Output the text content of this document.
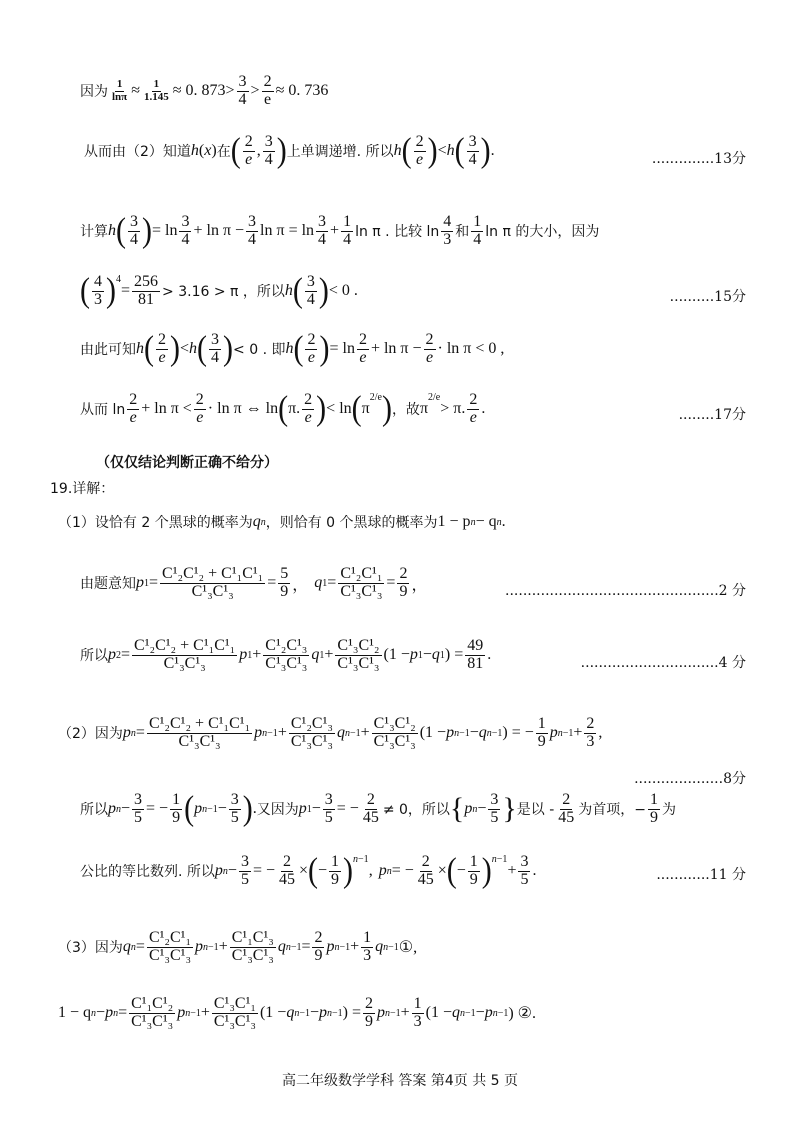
因为 $\frac{1}{\ln\pi} \approx \frac{1}{1.145} \approx 0$. $873> \frac{3}{4} > \frac{2}{e} \approx 0$. 736
从而由（2）知道 h ( x ) 在 ( $\frac{2}{e}$ , $\frac{3}{4}$ ) 上单调递增. 所以 h ( $\frac{2}{e}$ ) < h ( $\frac{3}{4}$ ) .	..............13分
计算 h ( $\frac{3}{4}$ ) = $\ln \frac{3}{4} + \ln \pi - \frac{3}{4}$ $\ln \pi = \ln \frac{3}{4} + \frac{1}{4}$ ln π . 比较 $\ln \frac{4}{3}$ 和 $\frac{1}{4}$ ln π 的大小，因为
( $\frac{4}{3} )^4$
= $\frac{256}{81} > 3.16 > \pi$ ，所以 h ( $\frac{3}{4}$ ) < 0 .	..........15分
由此可知 h ( $\frac{2}{e}$ ) < h ( $\frac{3}{4}$ ) < 0 . 即 h ( $\frac{2}{e}$ ) = $\ln \frac{2}{e} + \ln \pi - \frac{2}{e} \cdot \ln \pi < 0$ ,
从而 $\ln \frac{2}{e} + \ln \pi < \frac{2}{e} \cdot \ln \pi$ ⇔ ln ( π. $\frac{2}{e}$ ) < ln ( π
$^{2/e}$ ) ，故 π
$^{2/e}$
> π. $\frac{2}{e}$ .	........17分
（仅仅结论判断正确不给分）
19.详解：
（1）设恰有 2 个黑球的概率为 q n ，则恰有 0 个黑球的概率为 1 − p n − q n .
由题意知 p $1 = \frac{\text{C¹₂C¹₂ + C¹₁C¹₁}}{\text{C¹₃C¹₃}} = \frac{5}{9}$ ， q $1 = \frac{\text{C¹₂C¹₁}}{\text{C¹₃C¹₃}} = \frac{2}{9}$ ，	................................................2 分
所以 p $2 = \frac{\text{C¹₂C¹₂ + C¹₁C¹₁}}{\text{C¹₃C¹₃}}$ p $1 + \frac{\text{C¹₂C¹₃}}{\text{C¹₃C¹₃}}$ q $1 + \frac{\text{C¹₃C¹₂}}{\text{C¹₃C¹₃}} (1 - p$ 1 − q 1 ) = $\frac{49}{81}$ .	...............................4 分
（2）因为 p $n = \frac{\text{C¹₂C¹₂ + C¹₁C¹₁}}{\text{C¹₃C¹₃}}$ p $n-1 + \frac{\text{C¹₂C¹₃}}{\text{C¹₃C¹₃}}$ q $n-1 + \frac{\text{C¹₃C¹₂}}{\text{C¹₃C¹₃}} (1 - p$ n−1 − q n−1 ) = − $\frac{1}{9}$ p $n-1 + \frac{2}{3}$ ,
....................8分
所以 p $n - \frac{3}{5}$ = − $\frac{1}{9}$ ( p $n-1 - \frac{3}{5}$ ) . 又因为 p $1 - \frac{3}{5}$ = − $\frac{2}{45} \ne 0$，所以 { p $n - \frac{3}{5}$ } 是以 - $\frac{2}{45}$ 为首项，− $\frac{1}{9}$ 为
公比的等比数列. 所以 p $n - \frac{3}{5}$ = − $\frac{2}{45}$ × ( − $\frac{1}{9}$ ) $^{n-1}$
, p n = − $\frac{2}{45}$ × ( − $\frac{1}{9}$ ) $^{n-1}$
+ $\frac{3}{5}$ .	............11 分
（3）因为 q $n = \frac{\text{C¹₂C¹₁}}{\text{C¹₃C¹₃}}$ p $n-1 + \frac{\text{C¹₁C¹₃}}{\text{C¹₃C¹₃}}$ q $n-1 = \frac{2}{9}$ p $n-1 + \frac{1}{3}$ q n−1 ①,
1 − q n − p $n = \frac{\text{C¹₁C¹₂}}{\text{C¹₃C¹₃}}$ p $n-1 + \frac{\text{C¹₃C¹₁}}{\text{C¹₃C¹₃}} (1 - q$ n−1 − p n−1 ) = $\frac{2}{9}$ p $n-1 + \frac{1}{3} (1 - q$ n−1 − p n−1 ) ②.
高二年级数学学科 答案 第4页 共 5 页
